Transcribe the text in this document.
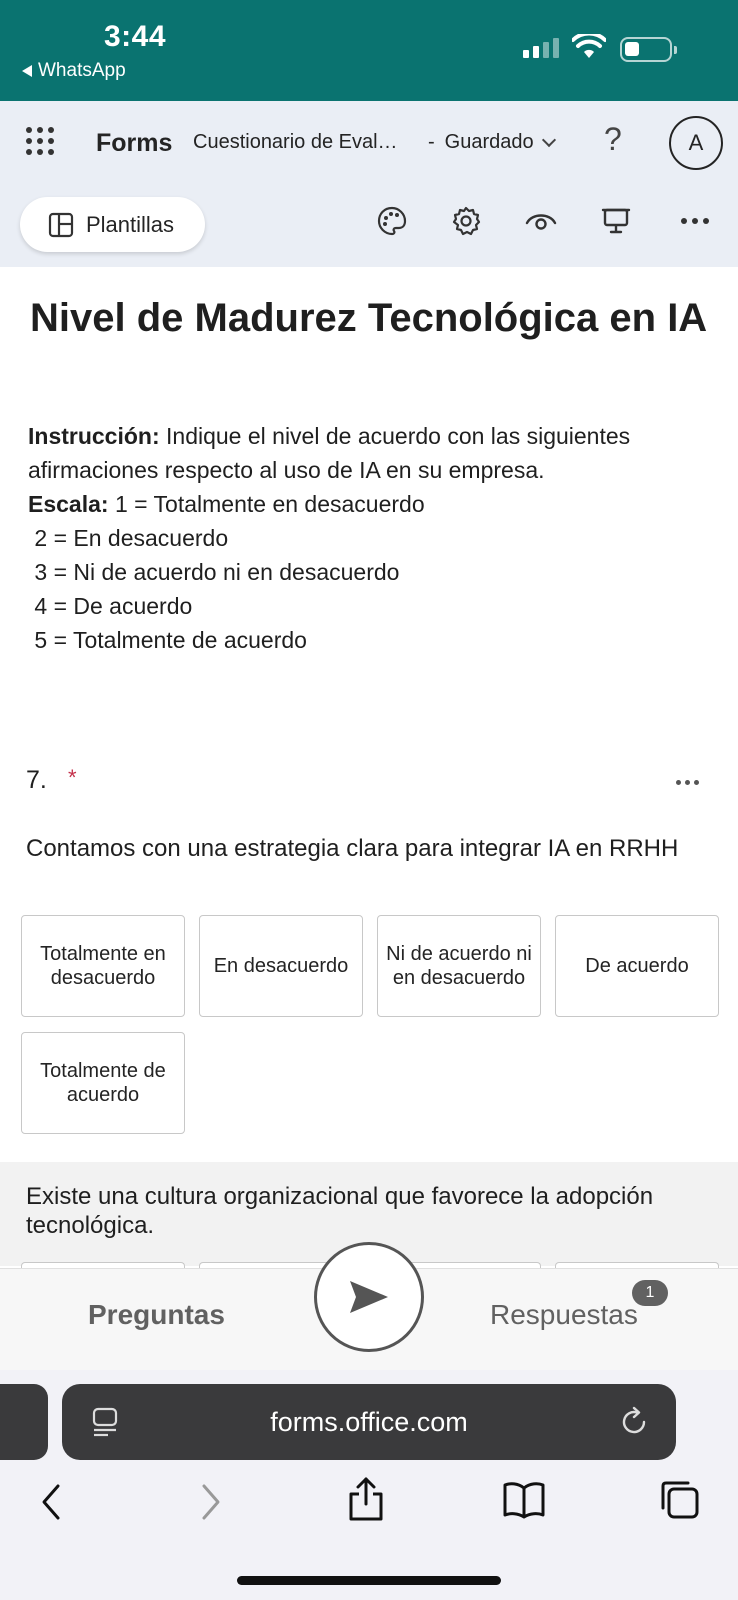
3:44
WhatsApp
Forms Cuestionario de Eval… - Guardado ?	A
Plantillas
Nivel de Madurez Tecnológica en IA
Instrucción: Indique el nivel de acuerdo con las siguientes afirmaciones respecto al uso de IA en su empresa.
Escala: 1 = Totalmente en desacuerdo
2 = En desacuerdo
3 = Ni de acuerdo ni en desacuerdo
4 = De acuerdo
5 = Totalmente de acuerdo
7. *
Contamos con una estrategia clara para integrar IA en RRHH
Totalmente en desacuerdo
En desacuerdo
Ni de acuerdo ni en desacuerdo
De acuerdo
Totalmente de acuerdo
Existe una cultura organizacional que favorece la adopción tecnológica.
Preguntas	Respuestas
1
forms.office.com
